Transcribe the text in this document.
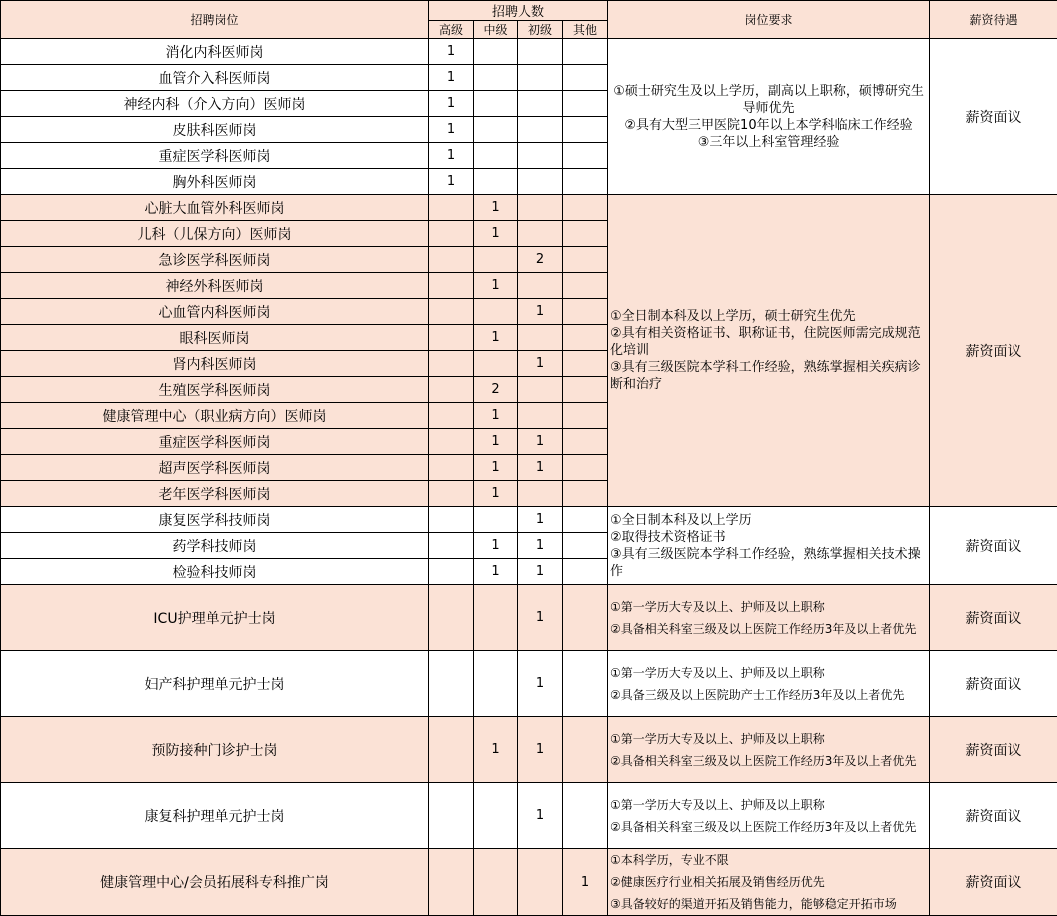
招聘岗位	招聘人数				岗位要求	薪资待遇
	高级	中级	初级	其他		
消化内科医师岗	1				①硕士研究生及以上学历，副高以上职称，硕博研究生导师优先
②具有大型三甲医院10年以上本学科临床工作经验
③三年以上科室管理经验	薪资面议
血管介入科医师岗	1					
神经内科（介入方向）医师岗	1					
皮肤科医师岗	1					
重症医学科医师岗	1					
胸外科医师岗	1					
心脏大血管外科医师岗		1			①全日制本科及以上学历，硕士研究生优先
②具有相关资格证书、职称证书，住院医师需完成规范化培训
③具有三级医院本学科工作经验，熟练掌握相关疾病诊断和治疗	薪资面议
儿科（儿保方向）医师岗		1				
急诊医学科医师岗			2			
神经外科医师岗		1				
心血管内科医师岗			1			
眼科医师岗		1				
肾内科医师岗			1			
生殖医学科医师岗		2				
健康管理中心（职业病方向）医师岗		1				
重症医学科医师岗		1	1			
超声医学科医师岗		1	1			
老年医学科医师岗		1				
康复医学科技师岗			1		①全日制本科及以上学历
②取得技术资格证书
③具有三级医院本学科工作经验，熟练掌握相关技术操作	薪资面议
药学科技师岗		1	1			
检验科技师岗		1	1			
ICU护理单元护士岗			1		①第一学历大专及以上、护师及以上职称
②具备相关科室三级及以上医院工作经历3年及以上者优先	薪资面议
妇产科护理单元护士岗			1		①第一学历大专及以上、护师及以上职称
②具备三级及以上医院助产士工作经历3年及以上者优先	薪资面议
预防接种门诊护士岗		1	1		①第一学历大专及以上、护师及以上职称
②具备相关科室三级及以上医院工作经历3年及以上者优先	薪资面议
康复科护理单元护士岗			1		①第一学历大专及以上、护师及以上职称
②具备相关科室三级及以上医院工作经历3年及以上者优先	薪资面议
健康管理中心/会员拓展科专科推广岗				1	①本科学历，专业不限
②健康医疗行业相关拓展及销售经历优先
③具备较好的渠道开拓及销售能力，能够稳定开拓市场	薪资面议
